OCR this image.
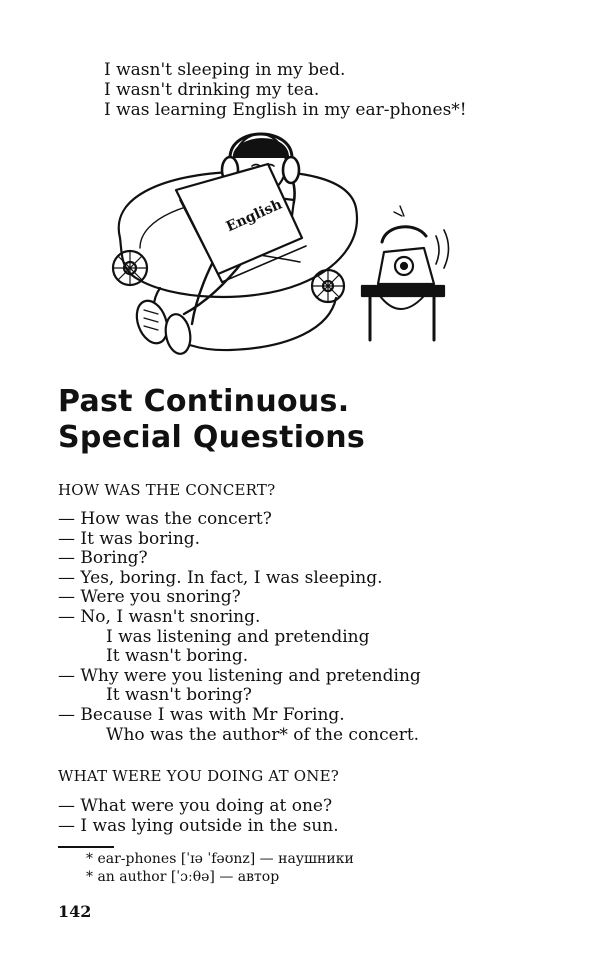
I wasn't sleeping in my bed.
I wasn't drinking my tea.
I was learning English in my ear-phones*!
English
Past Continuous.
Special Questions
HOW WAS THE CONCERT?
— How was the concert?
— It was boring.
— Boring?
— Yes, boring. In fact, I was sleeping.
— Were you snoring?
— No, I wasn't snoring.
I was listening and pretending
It wasn't boring.
— Why were you listening and pretending
It wasn't boring?
— Because I was with Mr Foring.
Who was the author* of the concert.
WHAT WERE YOU DOING AT ONE?
— What were you doing at one?
— I was lying outside in the sun.
* ear-phones [ˈɪə ˈfəʊnz] — наушники
* an author [ˈɔːθə] — автор
142
